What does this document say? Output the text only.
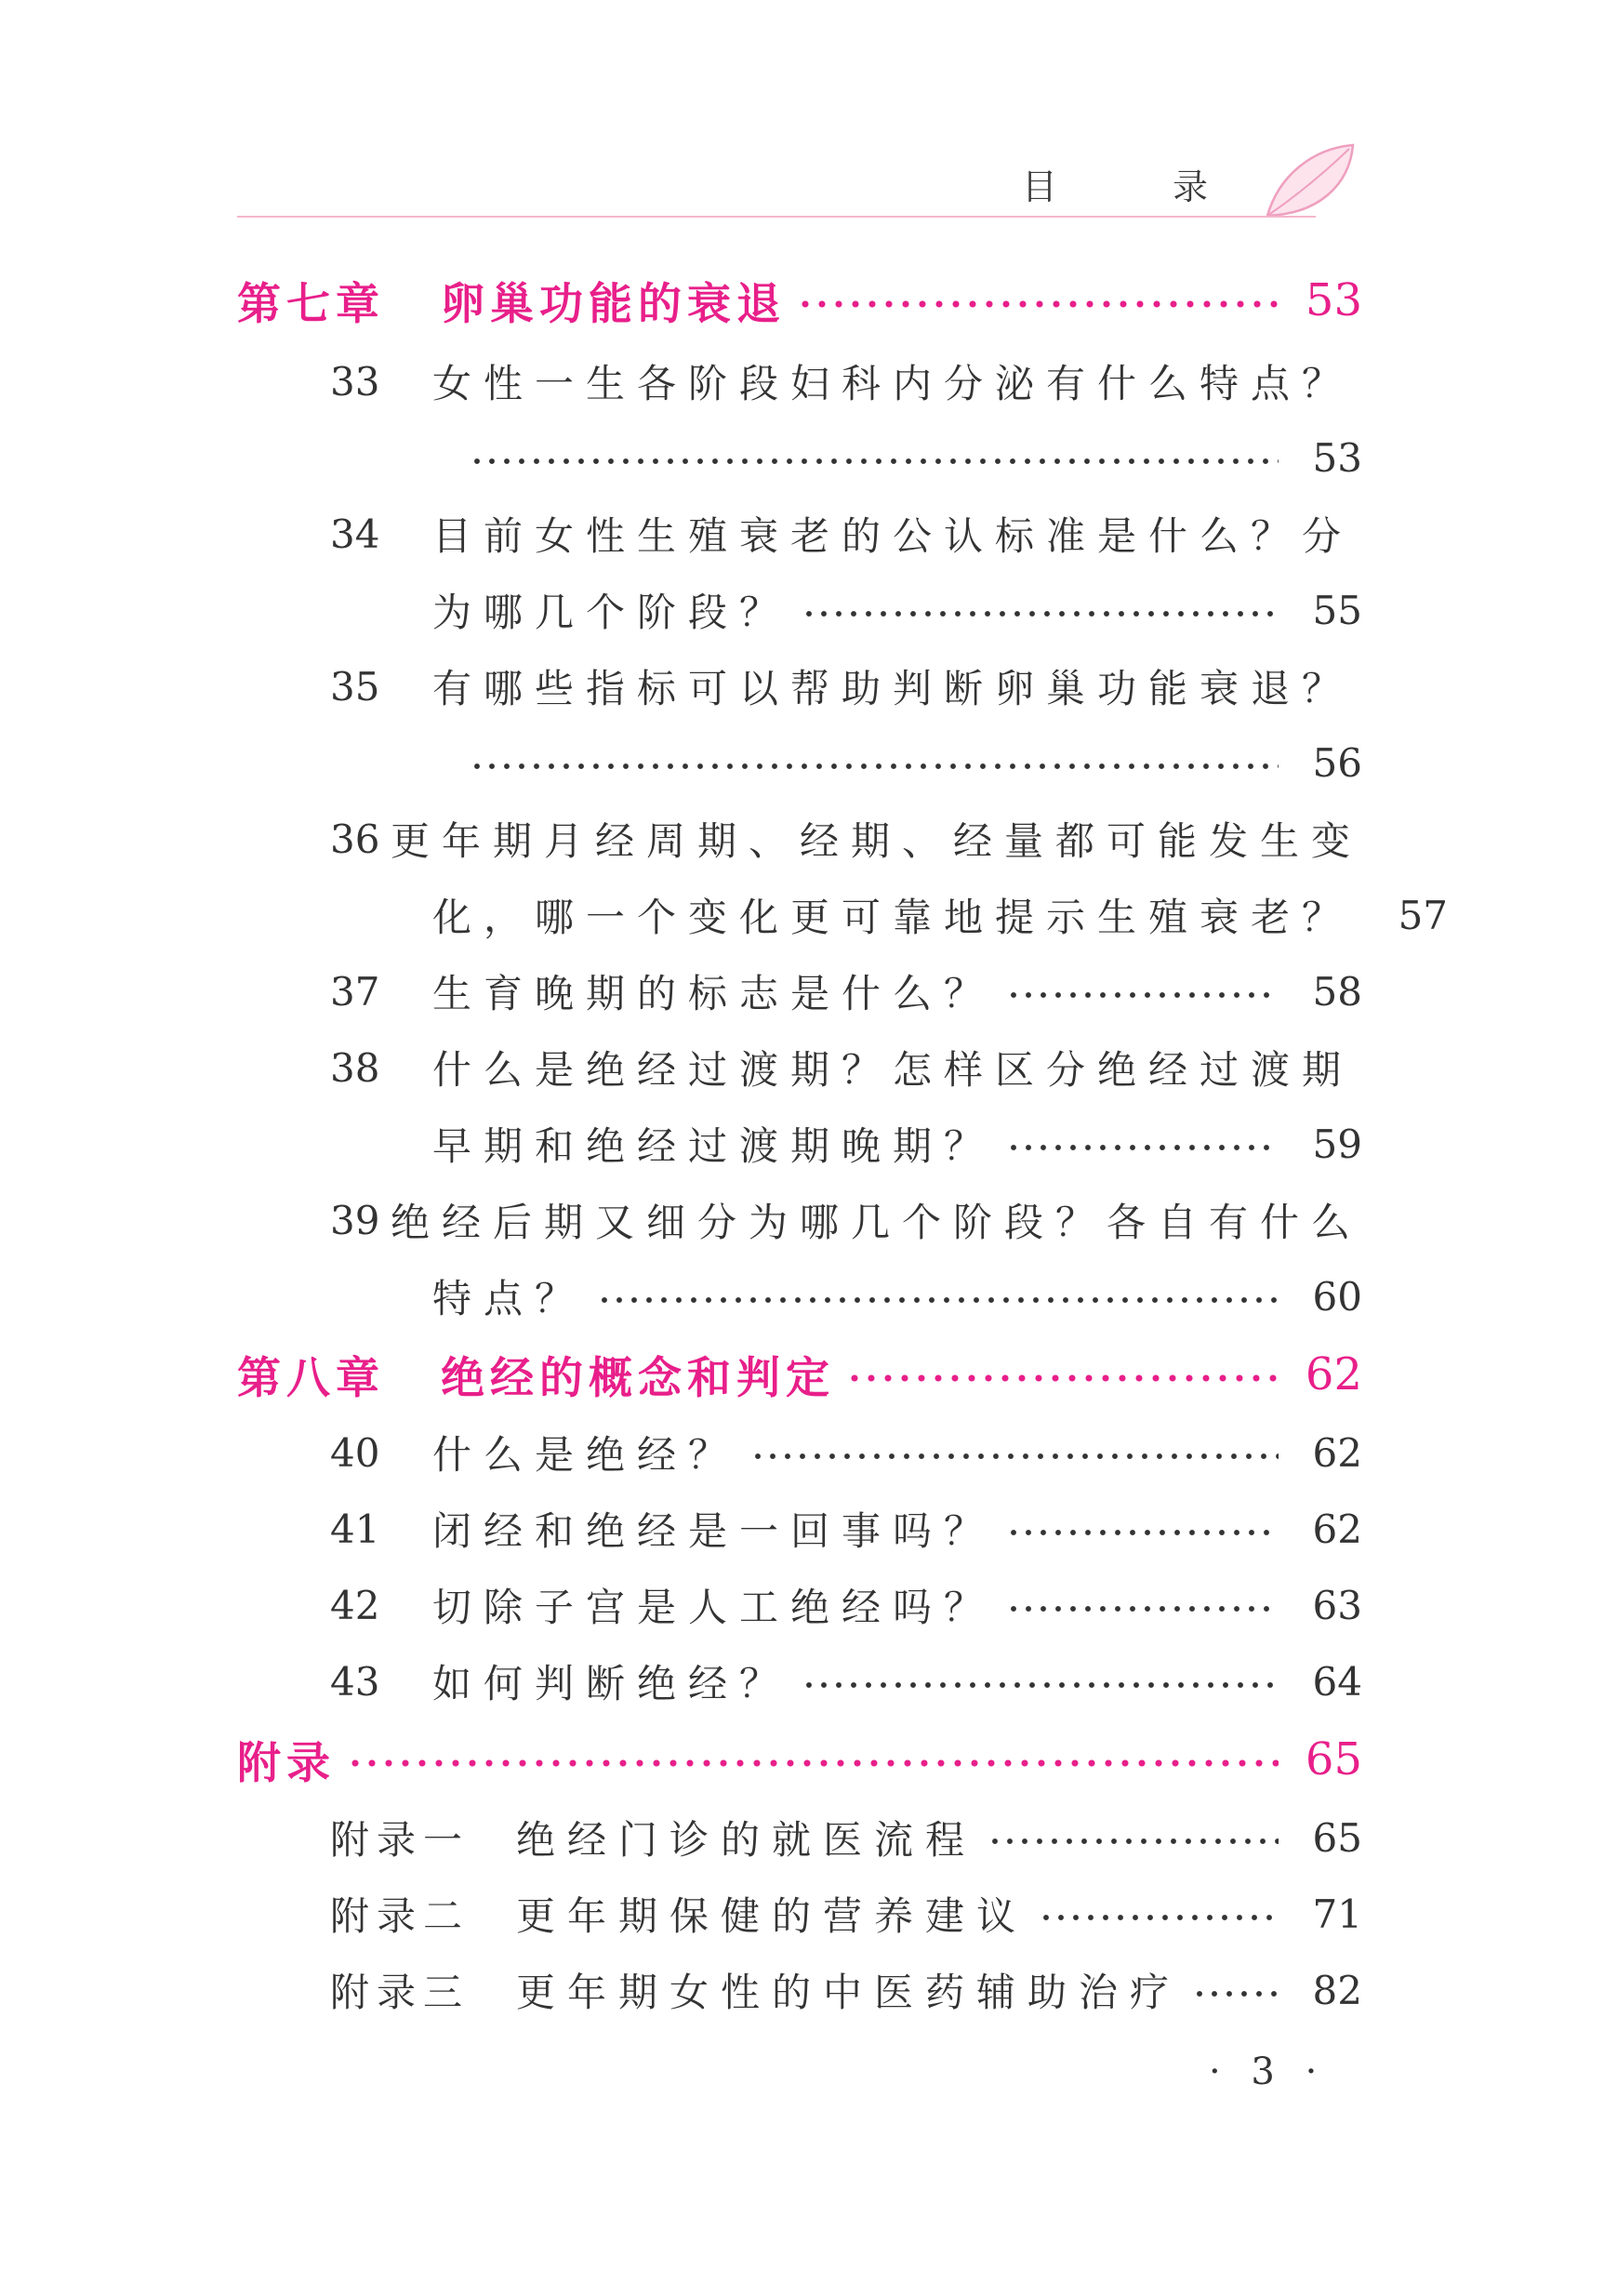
目 录
第七章 卵巢功能的衰退	53
33	女性一生各阶段妇科内分泌有什么特点？
53
34	目前女性生殖衰老的公认标准是什么？分
为哪几个阶段？	55
35	有哪些指标可以帮助判断卵巢功能衰退？
56
36 更年期月经周期、经期、经量都可能发生变
化，哪一个变化更可靠地提示生殖衰老？	57
37	生育晚期的标志是什么？	58
38	什么是绝经过渡期？怎样区分绝经过渡期
早期和绝经过渡期晚期？	59
39 绝经后期又细分为哪几个阶段？各自有什么
特点？	60
第八章 绝经的概念和判定	62
40	什么是绝经？	62
41	闭经和绝经是一回事吗？	62
42	切除子宫是人工绝经吗？	63
43	如何判断绝经？	64
附录	65
附录一	绝经门诊的就医流程	65
附录二	更年期保健的营养建议	71
附录三	更年期女性的中医药辅助治疗	82
· 3 ·
